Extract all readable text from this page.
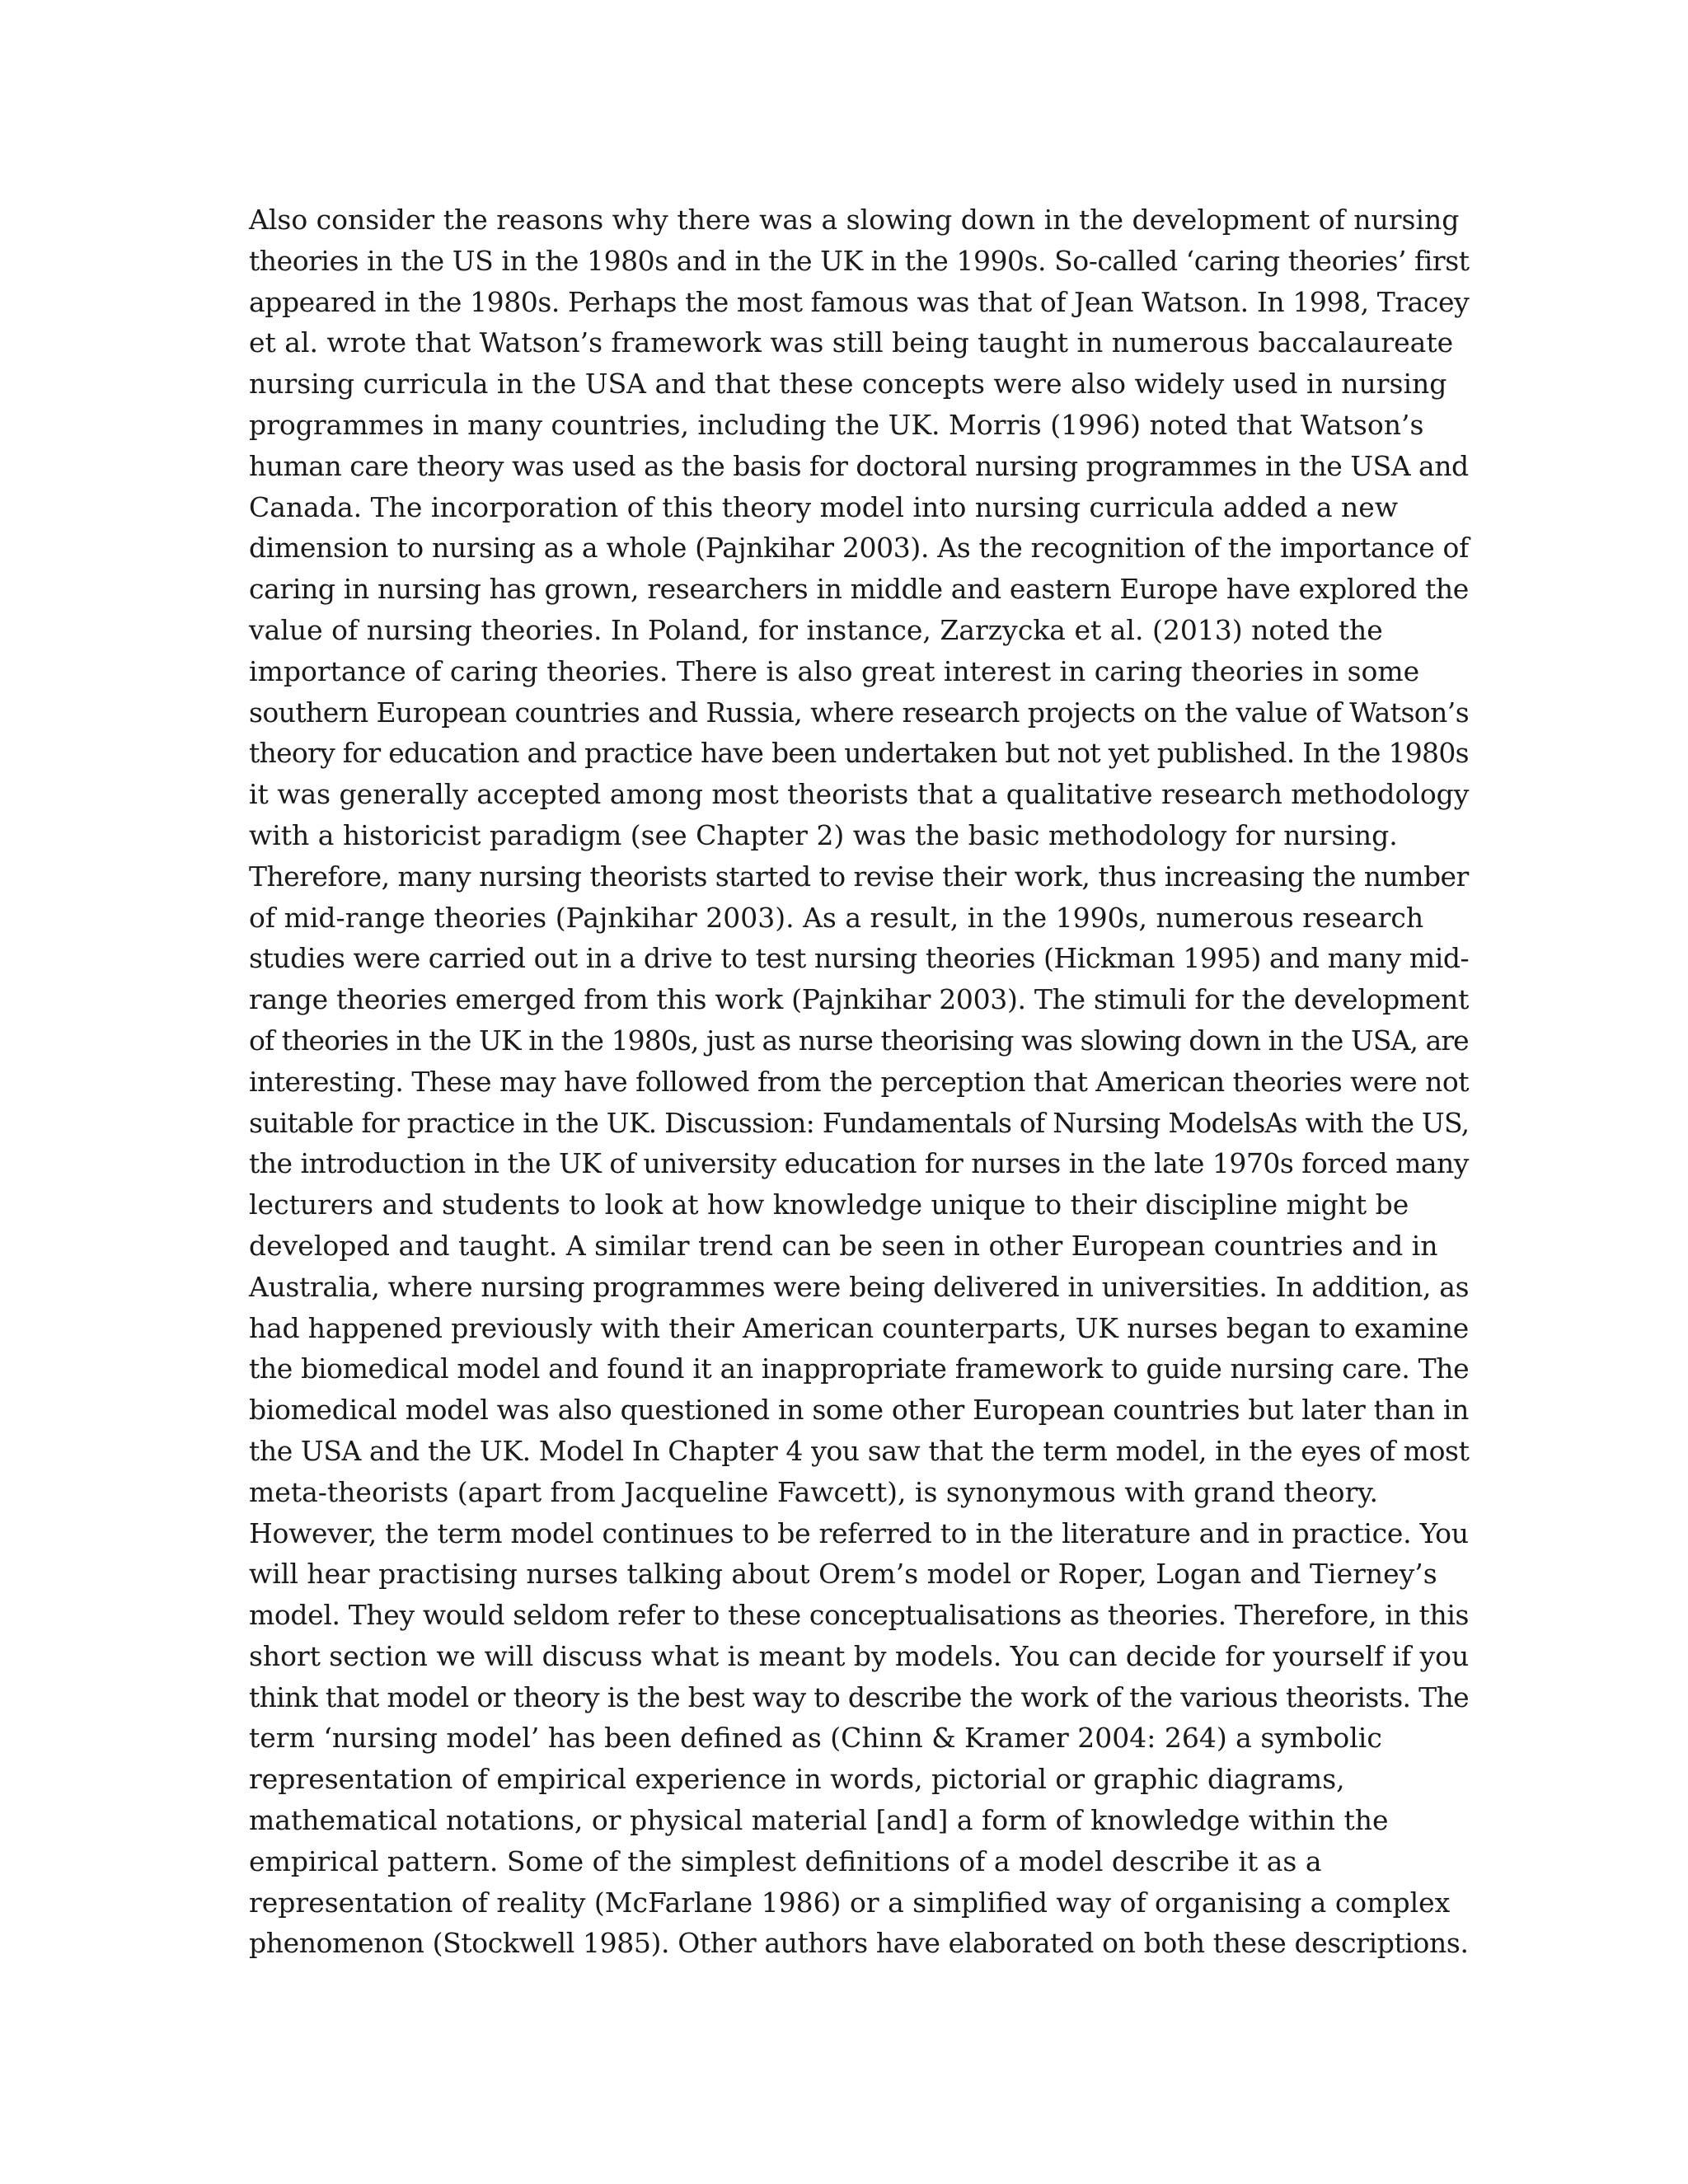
Also consider the reasons why there was a slowing down in the development of nursing
theories in the US in the 1980s and in the UK in the 1990s. So-called ‘caring theories’ first
appeared in the 1980s. Perhaps the most famous was that of Jean Watson. In 1998, Tracey
et al. wrote that Watson’s framework was still being taught in numerous baccalaureate
nursing curricula in the USA and that these concepts were also widely used in nursing
programmes in many countries, including the UK. Morris (1996) noted that Watson’s
human care theory was used as the basis for doctoral nursing programmes in the USA and
Canada. The incorporation of this theory model into nursing curricula added a new
dimension to nursing as a whole (Pajnkihar 2003). As the recognition of the importance of
caring in nursing has grown, researchers in middle and eastern Europe have explored the
value of nursing theories. In Poland, for instance, Zarzycka et al. (2013) noted the
importance of caring theories. There is also great interest in caring theories in some
southern European countries and Russia, where research projects on the value of Watson’s
theory for education and practice have been undertaken but not yet published. In the 1980s
it was generally accepted among most theorists that a qualitative research methodology
with a historicist paradigm (see Chapter 2) was the basic methodology for nursing.
Therefore, many nursing theorists started to revise their work, thus increasing the number
of mid-range theories (Pajnkihar 2003). As a result, in the 1990s, numerous research
studies were carried out in a drive to test nursing theories (Hickman 1995) and many mid-
range theories emerged from this work (Pajnkihar 2003). The stimuli for the development
of theories in the UK in the 1980s, just as nurse theorising was slowing down in the USA, are
interesting. These may have followed from the perception that American theories were not
suitable for practice in the UK. Discussion: Fundamentals of Nursing ModelsAs with the US,
the introduction in the UK of university education for nurses in the late 1970s forced many
lecturers and students to look at how knowledge unique to their discipline might be
developed and taught. A similar trend can be seen in other European countries and in
Australia, where nursing programmes were being delivered in universities. In addition, as
had happened previously with their American counterparts, UK nurses began to examine
the biomedical model and found it an inappropriate framework to guide nursing care. The
biomedical model was also questioned in some other European countries but later than in
the USA and the UK. Model In Chapter 4 you saw that the term model, in the eyes of most
meta-theorists (apart from Jacqueline Fawcett), is synonymous with grand theory.
However, the term model continues to be referred to in the literature and in practice. You
will hear practising nurses talking about Orem’s model or Roper, Logan and Tierney’s
model. They would seldom refer to these conceptualisations as theories. Therefore, in this
short section we will discuss what is meant by models. You can decide for yourself if you
think that model or theory is the best way to describe the work of the various theorists. The
term ‘nursing model’ has been defined as (Chinn & Kramer 2004: 264) a symbolic
representation of empirical experience in words, pictorial or graphic diagrams,
mathematical notations, or physical material [and] a form of knowledge within the
empirical pattern. Some of the simplest definitions of a model describe it as a
representation of reality (McFarlane 1986) or a simplified way of organising a complex
phenomenon (Stockwell 1985). Other authors have elaborated on both these descriptions.
